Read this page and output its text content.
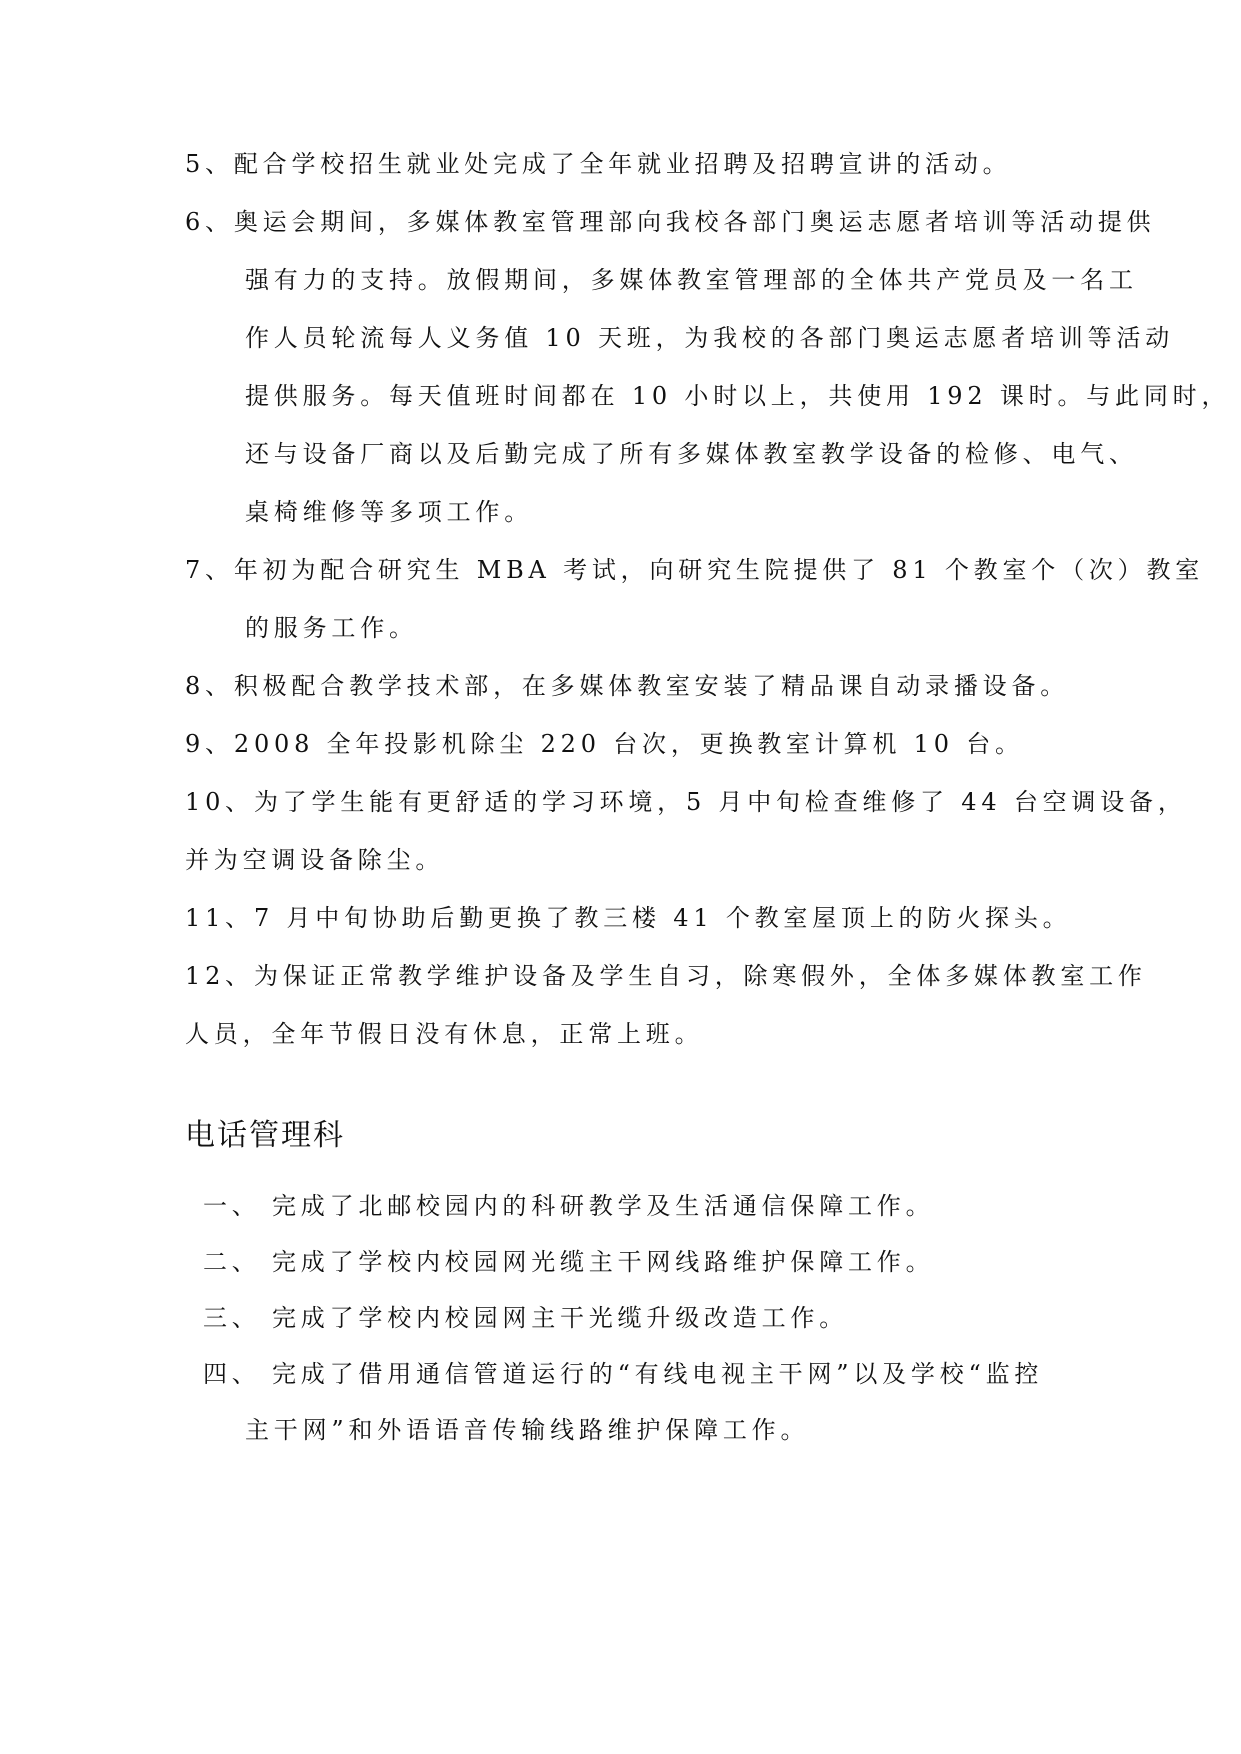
5、配合学校招生就业处完成了全年就业招聘及招聘宣讲的活动。
6、奥运会期间，多媒体教室管理部向我校各部门奥运志愿者培训等活动提供
强有力的支持。放假期间，多媒体教室管理部的全体共产党员及一名工
作人员轮流每人义务值 10 天班，为我校的各部门奥运志愿者培训等活动
提供服务。每天值班时间都在 10 小时以上，共使用 192 课时。与此同时，
还与设备厂商以及后勤完成了所有多媒体教室教学设备的检修、电气、
桌椅维修等多项工作。
7、年初为配合研究生 MBA 考试，向研究生院提供了 81 个教室个（次）教室
的服务工作。
8、积极配合教学技术部，在多媒体教室安装了精品课自动录播设备。
9、2008 全年投影机除尘 220 台次，更换教室计算机 10 台。
10、为了学生能有更舒适的学习环境，5 月中旬检查维修了 44 台空调设备，
并为空调设备除尘。
11、7 月中旬协助后勤更换了教三楼 41 个教室屋顶上的防火探头。
12、为保证正常教学维护设备及学生自习，除寒假外，全体多媒体教室工作
人员，全年节假日没有休息，正常上班。
电话管理科
一、 完成了北邮校园内的科研教学及生活通信保障工作。
二、 完成了学校内校园网光缆主干网线路维护保障工作。
三、 完成了学校内校园网主干光缆升级改造工作。
四、 完成了借用通信管道运行的“有线电视主干网”以及学校“监控
主干网”和外语语音传输线路维护保障工作。
